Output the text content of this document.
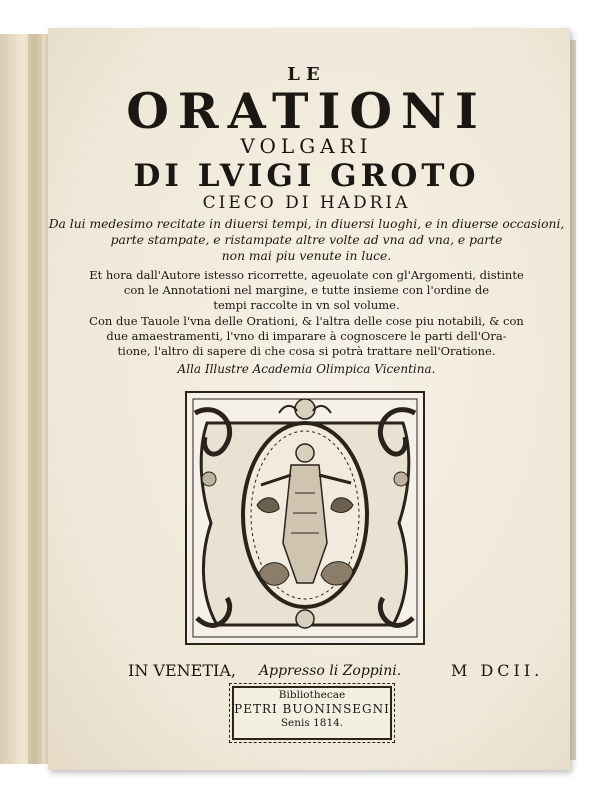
LE
ORATIONI
VOLGARI
DI LVIGI GROTO
CIECO DI HADRIA
Da lui medesimo recitate in diuersi tempi, in diuersi luoghi, e in diuerse occasioni,
parte stampate, e ristampate altre volte ad vna ad vna, e parte
non mai piu venute in luce.
Et hora dall'Autore istesso ricorrette, ageuolate con gl'Argomenti, distinte
con le Annotationi nel margine, e tutte insieme con l'ordine de
tempi raccolte in vn sol volume.
Con due Tauole l'vna delle Orationi, & l'altra delle cose piu notabili, & con
due amaestramenti, l'vno di imparare à cognoscere le parti dell'Ora-
tione, l'altro di sapere di che cosa si potrà trattare nell'Oratione.
Alla Illustre Academia Olimpica Vicentina.
IN VENETIA, Appresso li Zoppini.	M DCII.
Bibliothecae
PETRI BUONINSEGNI
Senis 1814.
